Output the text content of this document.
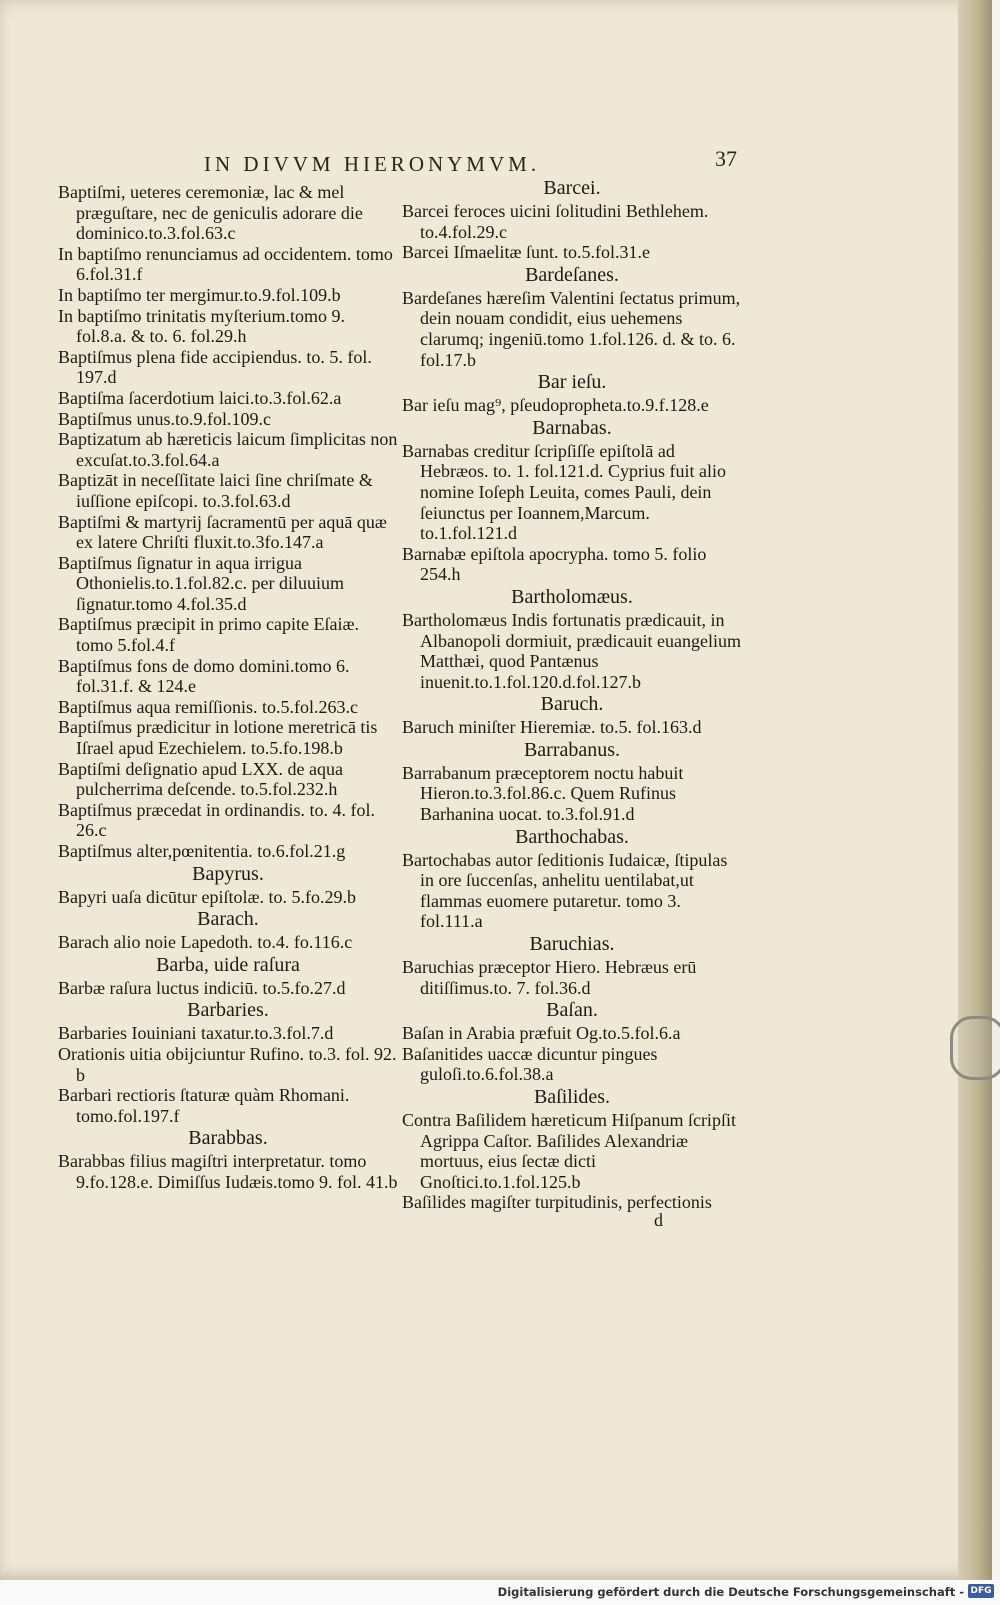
IN DIVVM HIERONYMVM.	37
Baptiſmi, ueteres ceremoniæ, lac & mel præguſtare, nec de geniculis adorare die dominico.to.3.fol.63.c
In baptiſmo renunciamus ad occidentem. tomo 6.fol.31.f
In baptiſmo ter mergimur.to.9.fol.109.b
In baptiſmo trinitatis myſterium.tomo 9. fol.8.a. & to. 6. fol.29.h
Baptiſmus plena fide accipiendus. to. 5. fol. 197.d
Baptiſma ſacerdotium laici.to.3.fol.62.a
Baptiſmus unus.to.9.fol.109.c
Baptizatum ab hæreticis laicum ſimplicitas non excuſat.to.3.fol.64.a
Baptizāt in neceſſitate laici ſine chriſmate & iuſſione epiſcopi. to.3.fol.63.d
Baptiſmi & martyrij ſacramentū per aquā quæ ex latere Chriſti fluxit.to.3fo.147.a
Baptiſmus ſignatur in aqua irrigua Othonielis.to.1.fol.82.c. per diluuium ſignatur.tomo 4.fol.35.d
Baptiſmus præcipit in primo capite Eſaiæ. tomo 5.fol.4.f
Baptiſmus fons de domo domini.tomo 6. fol.31.f. & 124.e
Baptiſmus aqua remiſſionis. to.5.fol.263.c
Baptiſmus prædicitur in lotione meretricā tis Iſrael apud Ezechielem. to.5.fo.198.b
Baptiſmi deſignatio apud LXX. de aqua pulcherrima deſcende. to.5.fol.232.h
Baptiſmus præcedat in ordinandis. to. 4. fol. 26.c
Baptiſmus alter,pœnitentia. to.6.fol.21.g
Bapyrus.
Bapyri uaſa dicūtur epiſtolæ. to. 5.fo.29.b
Barach.
Barach alio noie Lapedoth. to.4. fo.116.c
Barba, uide raſura
Barbæ raſura luctus indiciū. to.5.fo.27.d
Barbaries.
Barbaries Iouiniani taxatur.to.3.fol.7.d
Orationis uitia obijciuntur Rufino. to.3. fol. 92. b
Barbari rectioris ſtaturæ quàm Rhomani. tomo.fol.197.f
Barabbas.
Barabbas filius magiſtri interpretatur. tomo 9.fo.128.e. Dimiſſus Iudæis.tomo 9. fol. 41.b
Barcei.
Barcei feroces uicini ſolitudini Bethlehem. to.4.fol.29.c
Barcei Iſmaelitæ ſunt. to.5.fol.31.e
Bardeſanes.
Bardeſanes hæreſim Valentini ſectatus primum, dein nouam condidit, eius uehemens clarumq; ingeniū.tomo 1.fol.126. d. & to. 6. fol.17.b
Bar ieſu.
Bar ieſu mag⁹, pſeudopropheta.to.9.f.128.e
Barnabas.
Barnabas creditur ſcripſiſſe epiſtolā ad Hebræos. to. 1. fol.121.d. Cyprius fuit alio nomine Ioſeph Leuita, comes Pauli, dein ſeiunctus per Ioannem,Marcum. to.1.fol.121.d
Barnabæ epiſtola apocrypha. tomo 5. folio 254.h
Bartholomæus.
Bartholomæus Indis fortunatis prædicauit, in Albanopoli dormiuit, prædicauit euangelium Matthæi, quod Pantænus inuenit.to.1.fol.120.d.fol.127.b
Baruch.
Baruch miniſter Hieremiæ. to.5. fol.163.d
Barrabanus.
Barrabanum præceptorem noctu habuit Hieron.to.3.fol.86.c. Quem Rufinus Barhanina uocat. to.3.fol.91.d
Barthochabas.
Bartochabas autor ſeditionis Iudaicæ, ſtipulas in ore ſuccenſas, anhelitu uentilabat,ut flammas euomere putaretur. tomo 3. fol.111.a
Baruchias.
Baruchias præceptor Hiero. Hebræus erū ditiſſimus.to. 7. fol.36.d
Baſan.
Baſan in Arabia præfuit Og.to.5.fol.6.a
Baſanitides uaccæ dicuntur pingues guloſi.to.6.fol.38.a
Baſilides.
Contra Baſilidem hæreticum Hiſpanum ſcripſit Agrippa Caſtor. Baſilides Alexandriæ mortuus, eius ſectæ dicti Gnoſtici.to.1.fol.125.b
Baſilides magiſter turpitudinis, perfectionis
d
Digitalisierung gefördert durch die Deutsche Forschungsgemeinschaft - DFG
